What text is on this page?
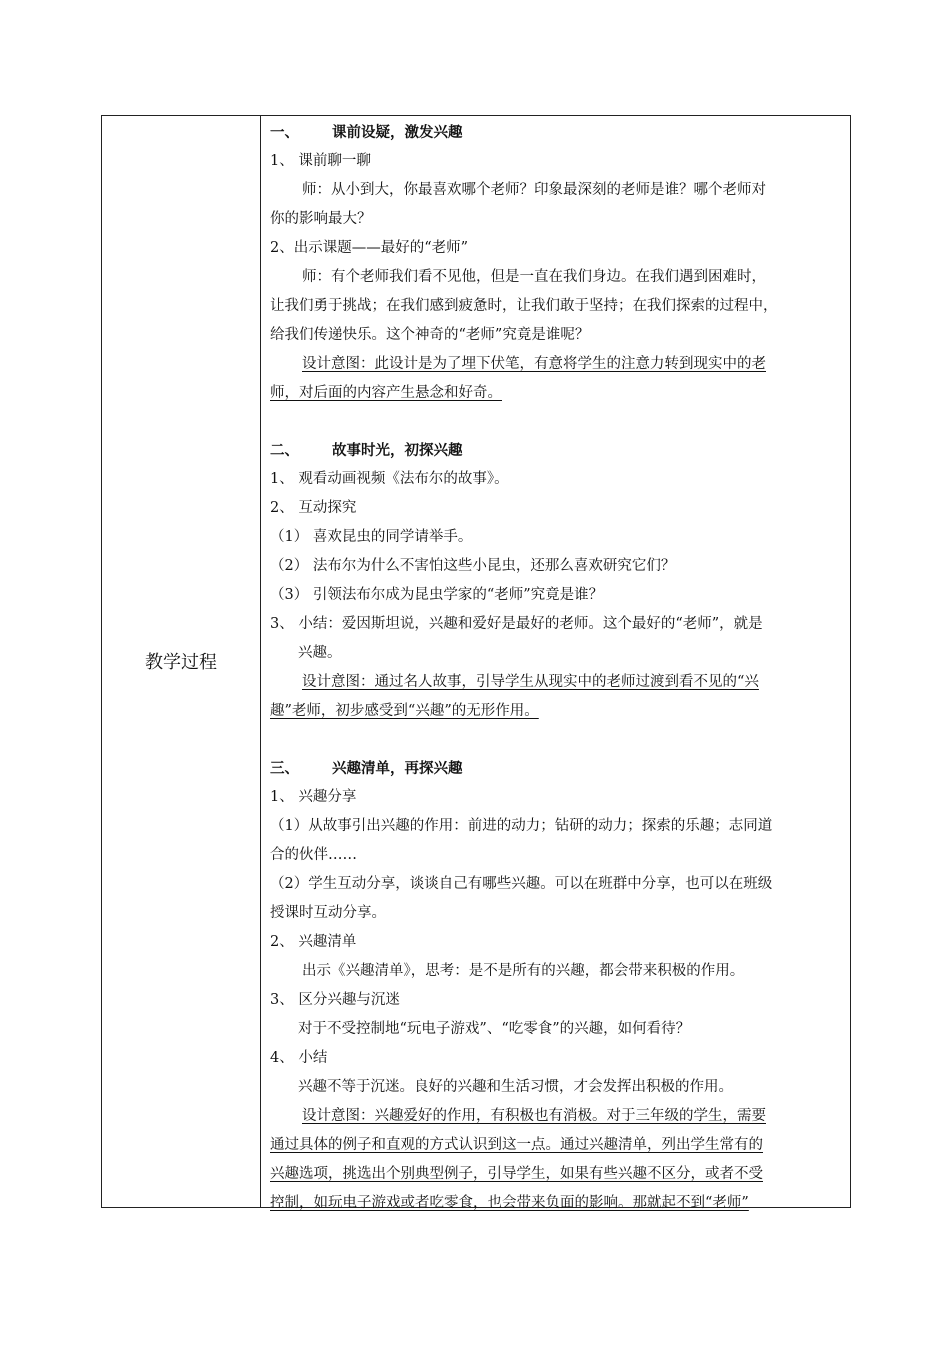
教学过程
一、 课前设疑，激发兴趣
1、 课前聊一聊
师：从小到大，你最喜欢哪个老师？印象最深刻的老师是谁？哪个老师对
你的影响最大？
2、出示课题——最好的“老师”
师：有个老师我们看不见他，但是一直在我们身边。在我们遇到困难时，
让我们勇于挑战；在我们感到疲惫时，让我们敢于坚持；在我们探索的过程中，
给我们传递快乐。这个神奇的“老师”究竟是谁呢？
设计意图：此设计是为了埋下伏笔，有意将学生的注意力转到现实中的老
师，对后面的内容产生悬念和好奇。
二、 故事时光，初探兴趣
1、 观看动画视频《法布尔的故事》。
2、 互动探究
（1） 喜欢昆虫的同学请举手。
（2） 法布尔为什么不害怕这些小昆虫，还那么喜欢研究它们？
（3） 引领法布尔成为昆虫学家的“老师”究竟是谁？
3、 小结：爱因斯坦说，兴趣和爱好是最好的老师。这个最好的“老师”，就是
兴趣。
设计意图：通过名人故事，引导学生从现实中的老师过渡到看不见的“兴
趣”老师，初步感受到“兴趣”的无形作用。
三、 兴趣清单，再探兴趣
1、 兴趣分享
（1）从故事引出兴趣的作用：前进的动力；钻研的动力；探索的乐趣；志同道
合的伙伴……
（2）学生互动分享，谈谈自己有哪些兴趣。可以在班群中分享，也可以在班级
授课时互动分享。
2、 兴趣清单
出示《兴趣清单》，思考：是不是所有的兴趣，都会带来积极的作用。
3、 区分兴趣与沉迷
对于不受控制地“玩电子游戏”、“吃零食”的兴趣，如何看待？
4、 小结
兴趣不等于沉迷。良好的兴趣和生活习惯，才会发挥出积极的作用。
设计意图：兴趣爱好的作用，有积极也有消极。对于三年级的学生，需要
通过具体的例子和直观的方式认识到这一点。通过兴趣清单，列出学生常有的
兴趣选项，挑选出个别典型例子，引导学生，如果有些兴趣不区分，或者不受
控制，如玩电子游戏或者吃零食，也会带来负面的影响。那就起不到“老师”
